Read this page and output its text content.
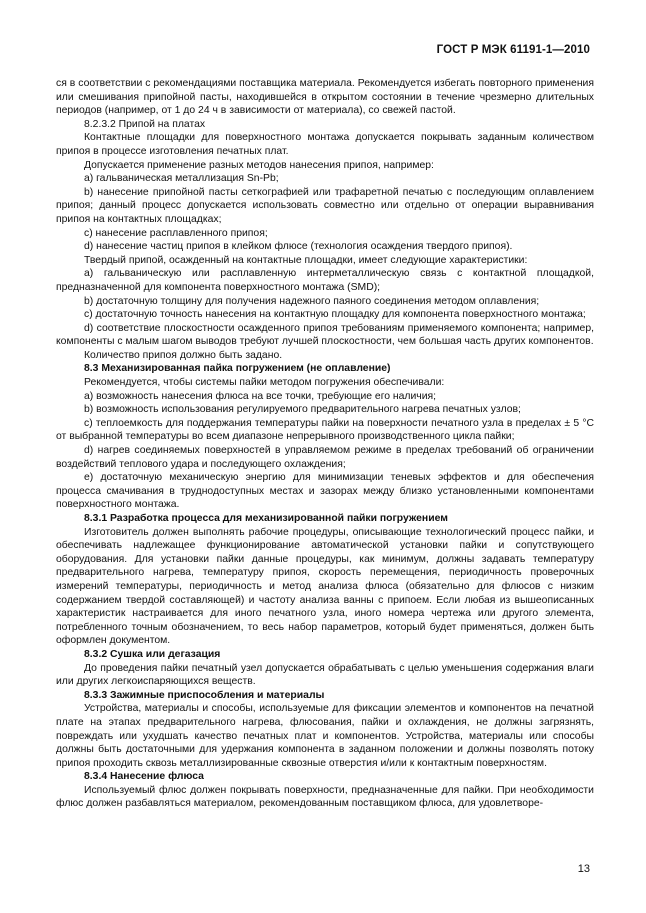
ГОСТ Р МЭК 61191-1—2010

ся в соответствии с рекомендациями поставщика материала. Рекомендуется избегать повторного применения или смешивания припойной пасты, находившейся в открытом состоянии в течение чрезмерно длительных периодов (например, от 1 до 24 ч в зависимости от материала), со свежей пастой.

8.2.3.2 Припой на платах

Контактные площадки для поверхностного монтажа допускается покрывать заданным количеством припоя в процессе изготовления печатных плат.

Допускается применение разных методов нанесения припоя, например:

а) гальваническая металлизация Sn-Pb;

b) нанесение припойной пасты сеткографией или трафаретной печатью с последующим оплавлением припоя; данный процесс допускается использовать совместно или отдельно от операции выравнивания припоя на контактных площадках;

с) нанесение расплавленного припоя;

d) нанесение частиц припоя в клейком флюсе (технология осаждения твердого припоя).

Твердый припой, осажденный на контактные площадки, имеет следующие характеристики:

а) гальваническую или расплавленную интерметаллическую связь с контактной площадкой, предназначенной для компонента поверхностного монтажа (SMD);

b) достаточную толщину для получения надежного паяного соединения методом оплавления;

с) достаточную точность нанесения на контактную площадку для компонента поверхностного монтажа;

d) соответствие плоскостности осажденного припоя требованиям применяемого компонента; например, компоненты с малым шагом выводов требуют лучшей плоскостности, чем большая часть других компонентов.

Количество припоя должно быть задано.

8.3 Механизированная пайка погружением (не оплавление)

Рекомендуется, чтобы системы пайки методом погружения обеспечивали:

а) возможность нанесения флюса на все точки, требующие его наличия;

b) возможность использования регулируемого предварительного нагрева печатных узлов;

с) теплоемкость для поддержания температуры пайки на поверхности печатного узла в пределах ± 5 °С от выбранной температуры во всем диапазоне непрерывного производственного цикла пайки;

d) нагрев соединяемых поверхностей в управляемом режиме в пределах требований об ограничении воздействий теплового удара и последующего охлаждения;

е) достаточную механическую энергию для минимизации теневых эффектов и для обеспечения процесса смачивания в труднодоступных местах и зазорах между близко установленными компонентами поверхностного монтажа.

8.3.1 Разработка процесса для механизированной пайки погружением

Изготовитель должен выполнять рабочие процедуры, описывающие технологический процесс пайки, и обеспечивать надлежащее функционирование автоматической установки пайки и сопутствующего оборудования. Для установки пайки данные процедуры, как минимум, должны задавать температуру предварительного нагрева, температуру припоя, скорость перемещения, периодичность проверочных измерений температуры, периодичность и метод анализа флюса (обязательно для флюсов с низким содержанием твердой составляющей) и частоту анализа ванны с припоем. Если любая из вышеописанных характеристик настраивается для иного печатного узла, иного номера чертежа или другого элемента, потребленного точным обозначением, то весь набор параметров, который будет применяться, должен быть оформлен документом.

8.3.2 Сушка или дегазация

До проведения пайки печатный узел допускается обрабатывать с целью уменьшения содержания влаги или других легкоиспаряющихся веществ.

8.3.3 Зажимные приспособления и материалы

Устройства, материалы и способы, используемые для фиксации элементов и компонентов на печатной плате на этапах предварительного нагрева, флюсования, пайки и охлаждения, не должны загрязнять, повреждать или ухудшать качество печатных плат и компонентов. Устройства, материалы или способы должны быть достаточными для удержания компонента в заданном положении и должны позволять потоку припоя проходить сквозь металлизированные сквозные отверстия и/или к контактным поверхностям.

8.3.4 Нанесение флюса

Используемый флюс должен покрывать поверхности, предназначенные для пайки. При необходимости флюс должен разбавляться материалом, рекомендованным поставщиком флюса, для удовлетворе-

13
